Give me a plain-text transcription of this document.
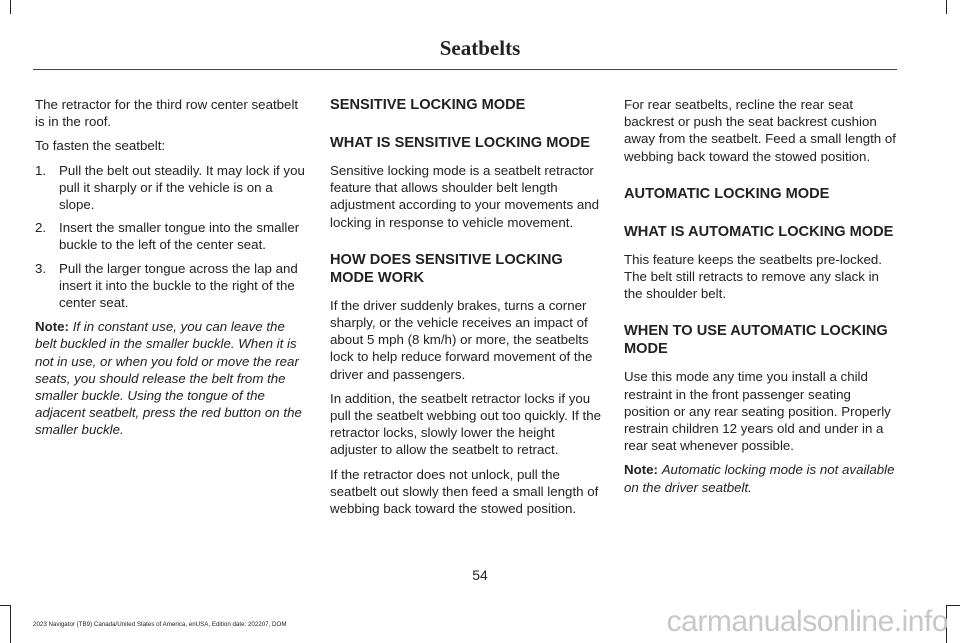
Seatbelts

The retractor for the third row center seatbelt is in the roof.

To fasten the seatbelt:

1. Pull the belt out steadily. It may lock if you pull it sharply or if the vehicle is on a slope.
2. Insert the smaller tongue into the smaller buckle to the left of the center seat.
3. Pull the larger tongue across the lap and insert it into the buckle to the right of the center seat.

Note: If in constant use, you can leave the belt buckled in the smaller buckle. When it is not in use, or when you fold or move the rear seats, you should release the belt from the smaller buckle. Using the tongue of the adjacent seatbelt, press the red button on the smaller buckle.

SENSITIVE LOCKING MODE
WHAT IS SENSITIVE LOCKING MODE

Sensitive locking mode is a seatbelt retractor feature that allows shoulder belt length adjustment according to your movements and locking in response to vehicle movement.

HOW DOES SENSITIVE LOCKING MODE WORK

If the driver suddenly brakes, turns a corner sharply, or the vehicle receives an impact of about 5 mph (8 km/h) or more, the seatbelts lock to help reduce forward movement of the driver and passengers.

In addition, the seatbelt retractor locks if you pull the seatbelt webbing out too quickly. If the retractor locks, slowly lower the height adjuster to allow the seatbelt to retract.

If the retractor does not unlock, pull the seatbelt out slowly then feed a small length of webbing back toward the stowed position.

For rear seatbelts, recline the rear seat backrest or push the seat backrest cushion away from the seatbelt. Feed a small length of webbing back toward the stowed position.

AUTOMATIC LOCKING MODE
WHAT IS AUTOMATIC LOCKING MODE

This feature keeps the seatbelts pre-locked. The belt still retracts to remove any slack in the shoulder belt.

WHEN TO USE AUTOMATIC LOCKING MODE

Use this mode any time you install a child restraint in the front passenger seating position or any rear seating position. Properly restrain children 12 years old and under in a rear seat whenever possible.

Note: Automatic locking mode is not available on the driver seatbelt.

54
2023 Navigator (TB9) Canada/United States of America, enUSA, Edition date: 202207, DOM	carmanualsonline.info
